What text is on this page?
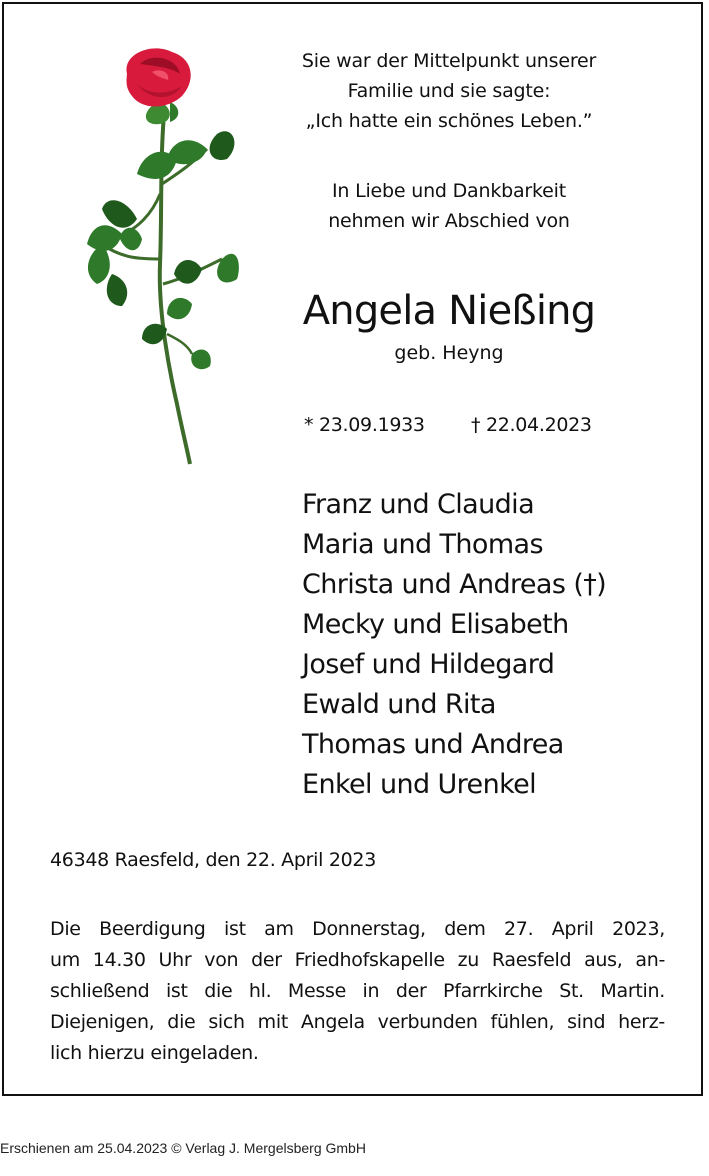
Sie war der Mittelpunkt unserer
Familie und sie sagte:
„Ich hatte ein schönes Leben.”
In Liebe und Dankbarkeit
nehmen wir Abschied von
Angela Nießing
geb. Heyng
* 23.09.1933 † 22.04.2023
Franz und Claudia
Maria und Thomas
Christa und Andreas (†)
Mecky und Elisabeth
Josef und Hildegard
Ewald und Rita
Thomas und Andrea
Enkel und Urenkel
46348 Raesfeld, den 22. April 2023
Die Beerdigung ist am Donnerstag, dem 27. April 2023,
um 14.30 Uhr von der Friedhofskapelle zu Raesfeld aus, an-
schließend ist die hl. Messe in der Pfarrkirche St. Martin.
Diejenigen, die sich mit Angela verbunden fühlen, sind herz-
lich hierzu eingeladen.
Erschienen am 25.04.2023 © Verlag J. Mergelsberg GmbH
